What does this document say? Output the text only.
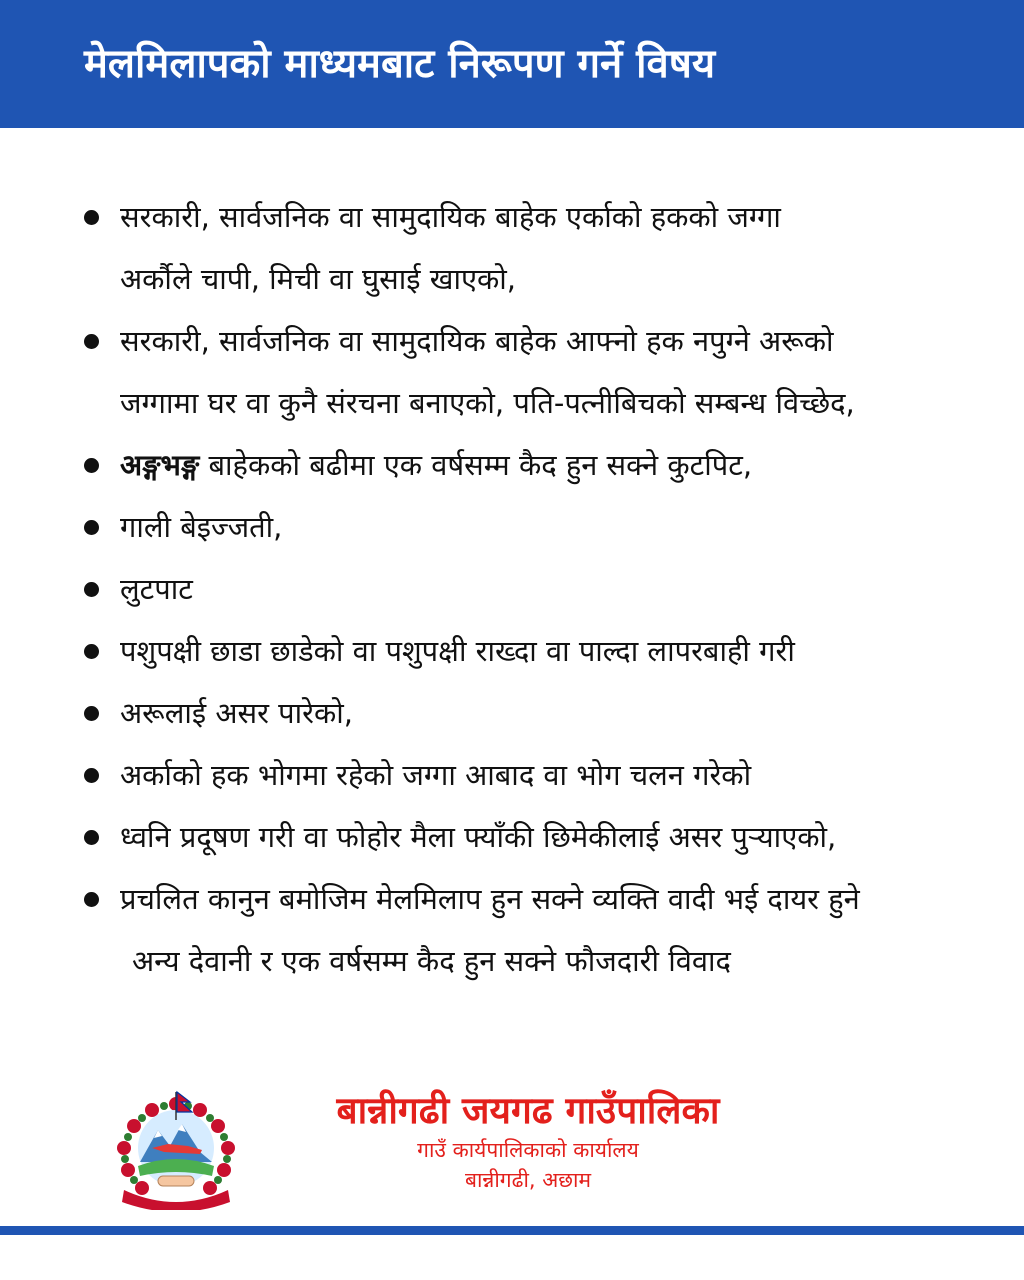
मेलमिलापको माध्यमबाट निरूपण गर्ने विषय
सरकारी, सार्वजनिक वा सामुदायिक बाहेक एर्काको हकको जग्गा
अर्कौले चापी, मिची वा घुसाई खाएको,
सरकारी, सार्वजनिक वा सामुदायिक बाहेक आफ्नो हक नपुग्ने अरूको
जग्गामा घर वा कुनै संरचना बनाएको, पति-पत्नीबिचको सम्बन्ध विच्छेद,
अङ्गभङ्ग बाहेकको बढीमा एक वर्षसम्म कैद हुन सक्ने कुटपिट,
गाली बेइज्जती,
लुटपाट
पशुपक्षी छाडा छाडेको वा पशुपक्षी राख्दा वा पाल्दा लापरबाही गरी
अरूलाई असर पारेको,
अर्काको हक भोगमा रहेको जग्गा आबाद वा भोग चलन गरेको
ध्वनि प्रदूषण गरी वा फोहोर मैला फ्याँकी छिमेकीलाई असर पुऱ्याएको,
प्रचलित कानुन बमोजिम मेलमिलाप हुन सक्ने व्यक्ति वादी भई दायर हुने
अन्य देवानी र एक वर्षसम्म कैद हुन सक्ने फौजदारी विवाद
बान्नीगढी जयगढ गाउँपालिका
गाउँ कार्यपालिकाको कार्यालय
बान्नीगढी, अछाम
